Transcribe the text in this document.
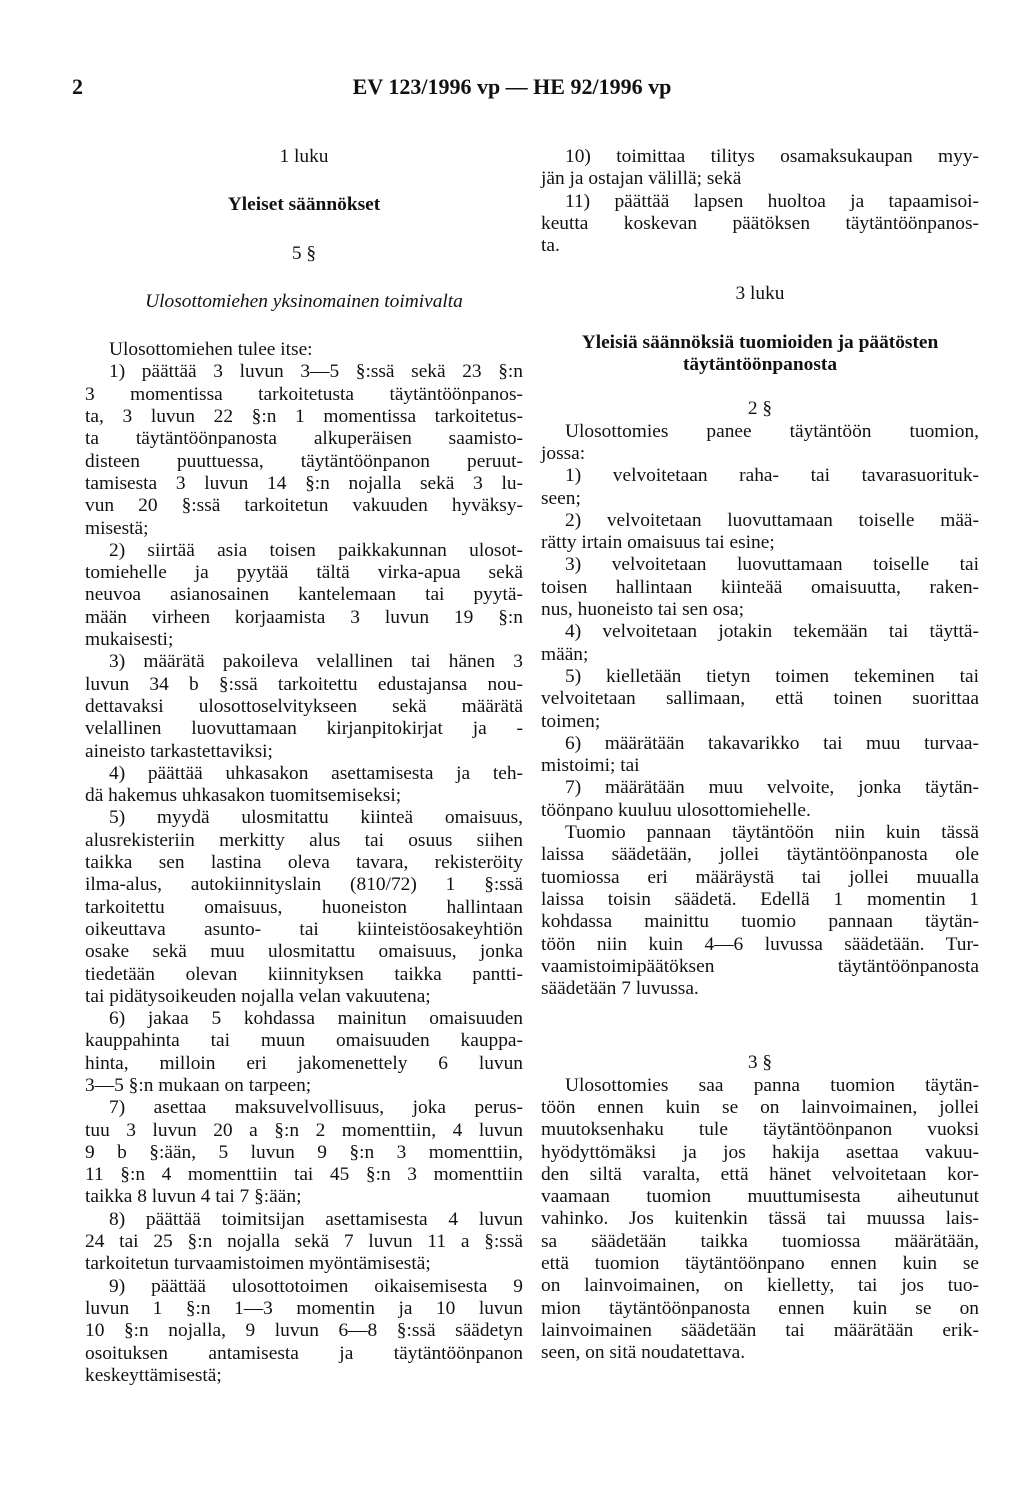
2	EV 123/1996 vp — HE 92/1996 vp
1 luku
Yleiset säännökset
5 §
Ulosottomiehen yksinomainen toimivalta
Ulosottomiehen tulee itse:
1) päättää 3 luvun 3—5 §:ssä sekä 23 §:n
3 momentissa tarkoitetusta täytäntöönpanos-
ta, 3 luvun 22 §:n 1 momentissa tarkoitetus-
ta täytäntöönpanosta alkuperäisen saamisto-
disteen puuttuessa, täytäntöönpanon peruut-
tamisesta 3 luvun 14 §:n nojalla sekä 3 lu-
vun 20 §:ssä tarkoitetun vakuuden hyväksy-
misestä;
2) siirtää asia toisen paikkakunnan ulosot-
tomiehelle ja pyytää tältä virka-apua sekä
neuvoa asianosainen kantelemaan tai pyytä-
mään virheen korjaamista 3 luvun 19 §:n
mukaisesti;
3) määrätä pakoileva velallinen tai hänen 3
luvun 34 b §:ssä tarkoitettu edustajansa nou-
dettavaksi ulosottoselvitykseen sekä määrätä
velallinen luovuttamaan kirjanpitokirjat ja -
aineisto tarkastettaviksi;
4) päättää uhkasakon asettamisesta ja teh-
dä hakemus uhkasakon tuomitsemiseksi;
5) myydä ulosmitattu kiinteä omaisuus,
alusrekisteriin merkitty alus tai osuus siihen
taikka sen lastina oleva tavara, rekisteröity
ilma-alus, autokiinnityslain (810/72) 1 §:ssä
tarkoitettu omaisuus, huoneiston hallintaan
oikeuttava asunto- tai kiinteistöosakeyhtiön
osake sekä muu ulosmitattu omaisuus, jonka
tiedetään olevan kiinnityksen taikka pantti-
tai pidätysoikeuden nojalla velan vakuutena;
6) jakaa 5 kohdassa mainitun omaisuuden
kauppahinta tai muun omaisuuden kauppa-
hinta, milloin eri jakomenettely 6 luvun
3—5 §:n mukaan on tarpeen;
7) asettaa maksuvelvollisuus, joka perus-
tuu 3 luvun 20 a §:n 2 momenttiin, 4 luvun
9 b §:ään, 5 luvun 9 §:n 3 momenttiin,
11 §:n 4 momenttiin tai 45 §:n 3 momenttiin
taikka 8 luvun 4 tai 7 §:ään;
8) päättää toimitsijan asettamisesta 4 luvun
24 tai 25 §:n nojalla sekä 7 luvun 11 a §:ssä
tarkoitetun turvaamistoimen myöntämisestä;
9) päättää ulosottotoimen oikaisemisesta 9
luvun 1 §:n 1—3 momentin ja 10 luvun
10 §:n nojalla, 9 luvun 6—8 §:ssä säädetyn
osoituksen antamisesta ja täytäntöönpanon
keskeyttämisestä;
10) toimittaa tilitys osamaksukaupan myy-
jän ja ostajan välillä; sekä
11) päättää lapsen huoltoa ja tapaamisoi-
keutta koskevan päätöksen täytäntöönpanos-
ta.
3 luku
Yleisiä säännöksiä tuomioiden ja päätösten
täytäntöönpanosta
2 §
Ulosottomies panee täytäntöön tuomion,
jossa:
1) velvoitetaan raha- tai tavarasuorituk-
seen;
2) velvoitetaan luovuttamaan toiselle mää-
rätty irtain omaisuus tai esine;
3) velvoitetaan luovuttamaan toiselle tai
toisen hallintaan kiinteää omaisuutta, raken-
nus, huoneisto tai sen osa;
4) velvoitetaan jotakin tekemään tai täyttä-
mään;
5) kielletään tietyn toimen tekeminen tai
velvoitetaan sallimaan, että toinen suorittaa
toimen;
6) määrätään takavarikko tai muu turvaa-
mistoimi; tai
7) määrätään muu velvoite, jonka täytän-
töönpano kuuluu ulosottomiehelle.
Tuomio pannaan täytäntöön niin kuin tässä
laissa säädetään, jollei täytäntöönpanosta ole
tuomiossa eri määräystä tai jollei muualla
laissa toisin säädetä. Edellä 1 momentin 1
kohdassa mainittu tuomio pannaan täytän-
töön niin kuin 4—6 luvussa säädetään. Tur-
vaamistoimipäätöksen täytäntöönpanosta
säädetään 7 luvussa.
3 §
Ulosottomies saa panna tuomion täytän-
töön ennen kuin se on lainvoimainen, jollei
muutoksenhaku tule täytäntöönpanon vuoksi
hyödyttömäksi ja jos hakija asettaa vakuu-
den siltä varalta, että hänet velvoitetaan kor-
vaamaan tuomion muuttumisesta aiheutunut
vahinko. Jos kuitenkin tässä tai muussa lais-
sa säädetään taikka tuomiossa määrätään,
että tuomion täytäntöönpano ennen kuin se
on lainvoimainen, on kielletty, tai jos tuo-
mion täytäntöönpanosta ennen kuin se on
lainvoimainen säädetään tai määrätään erik-
seen, on sitä noudatettava.
